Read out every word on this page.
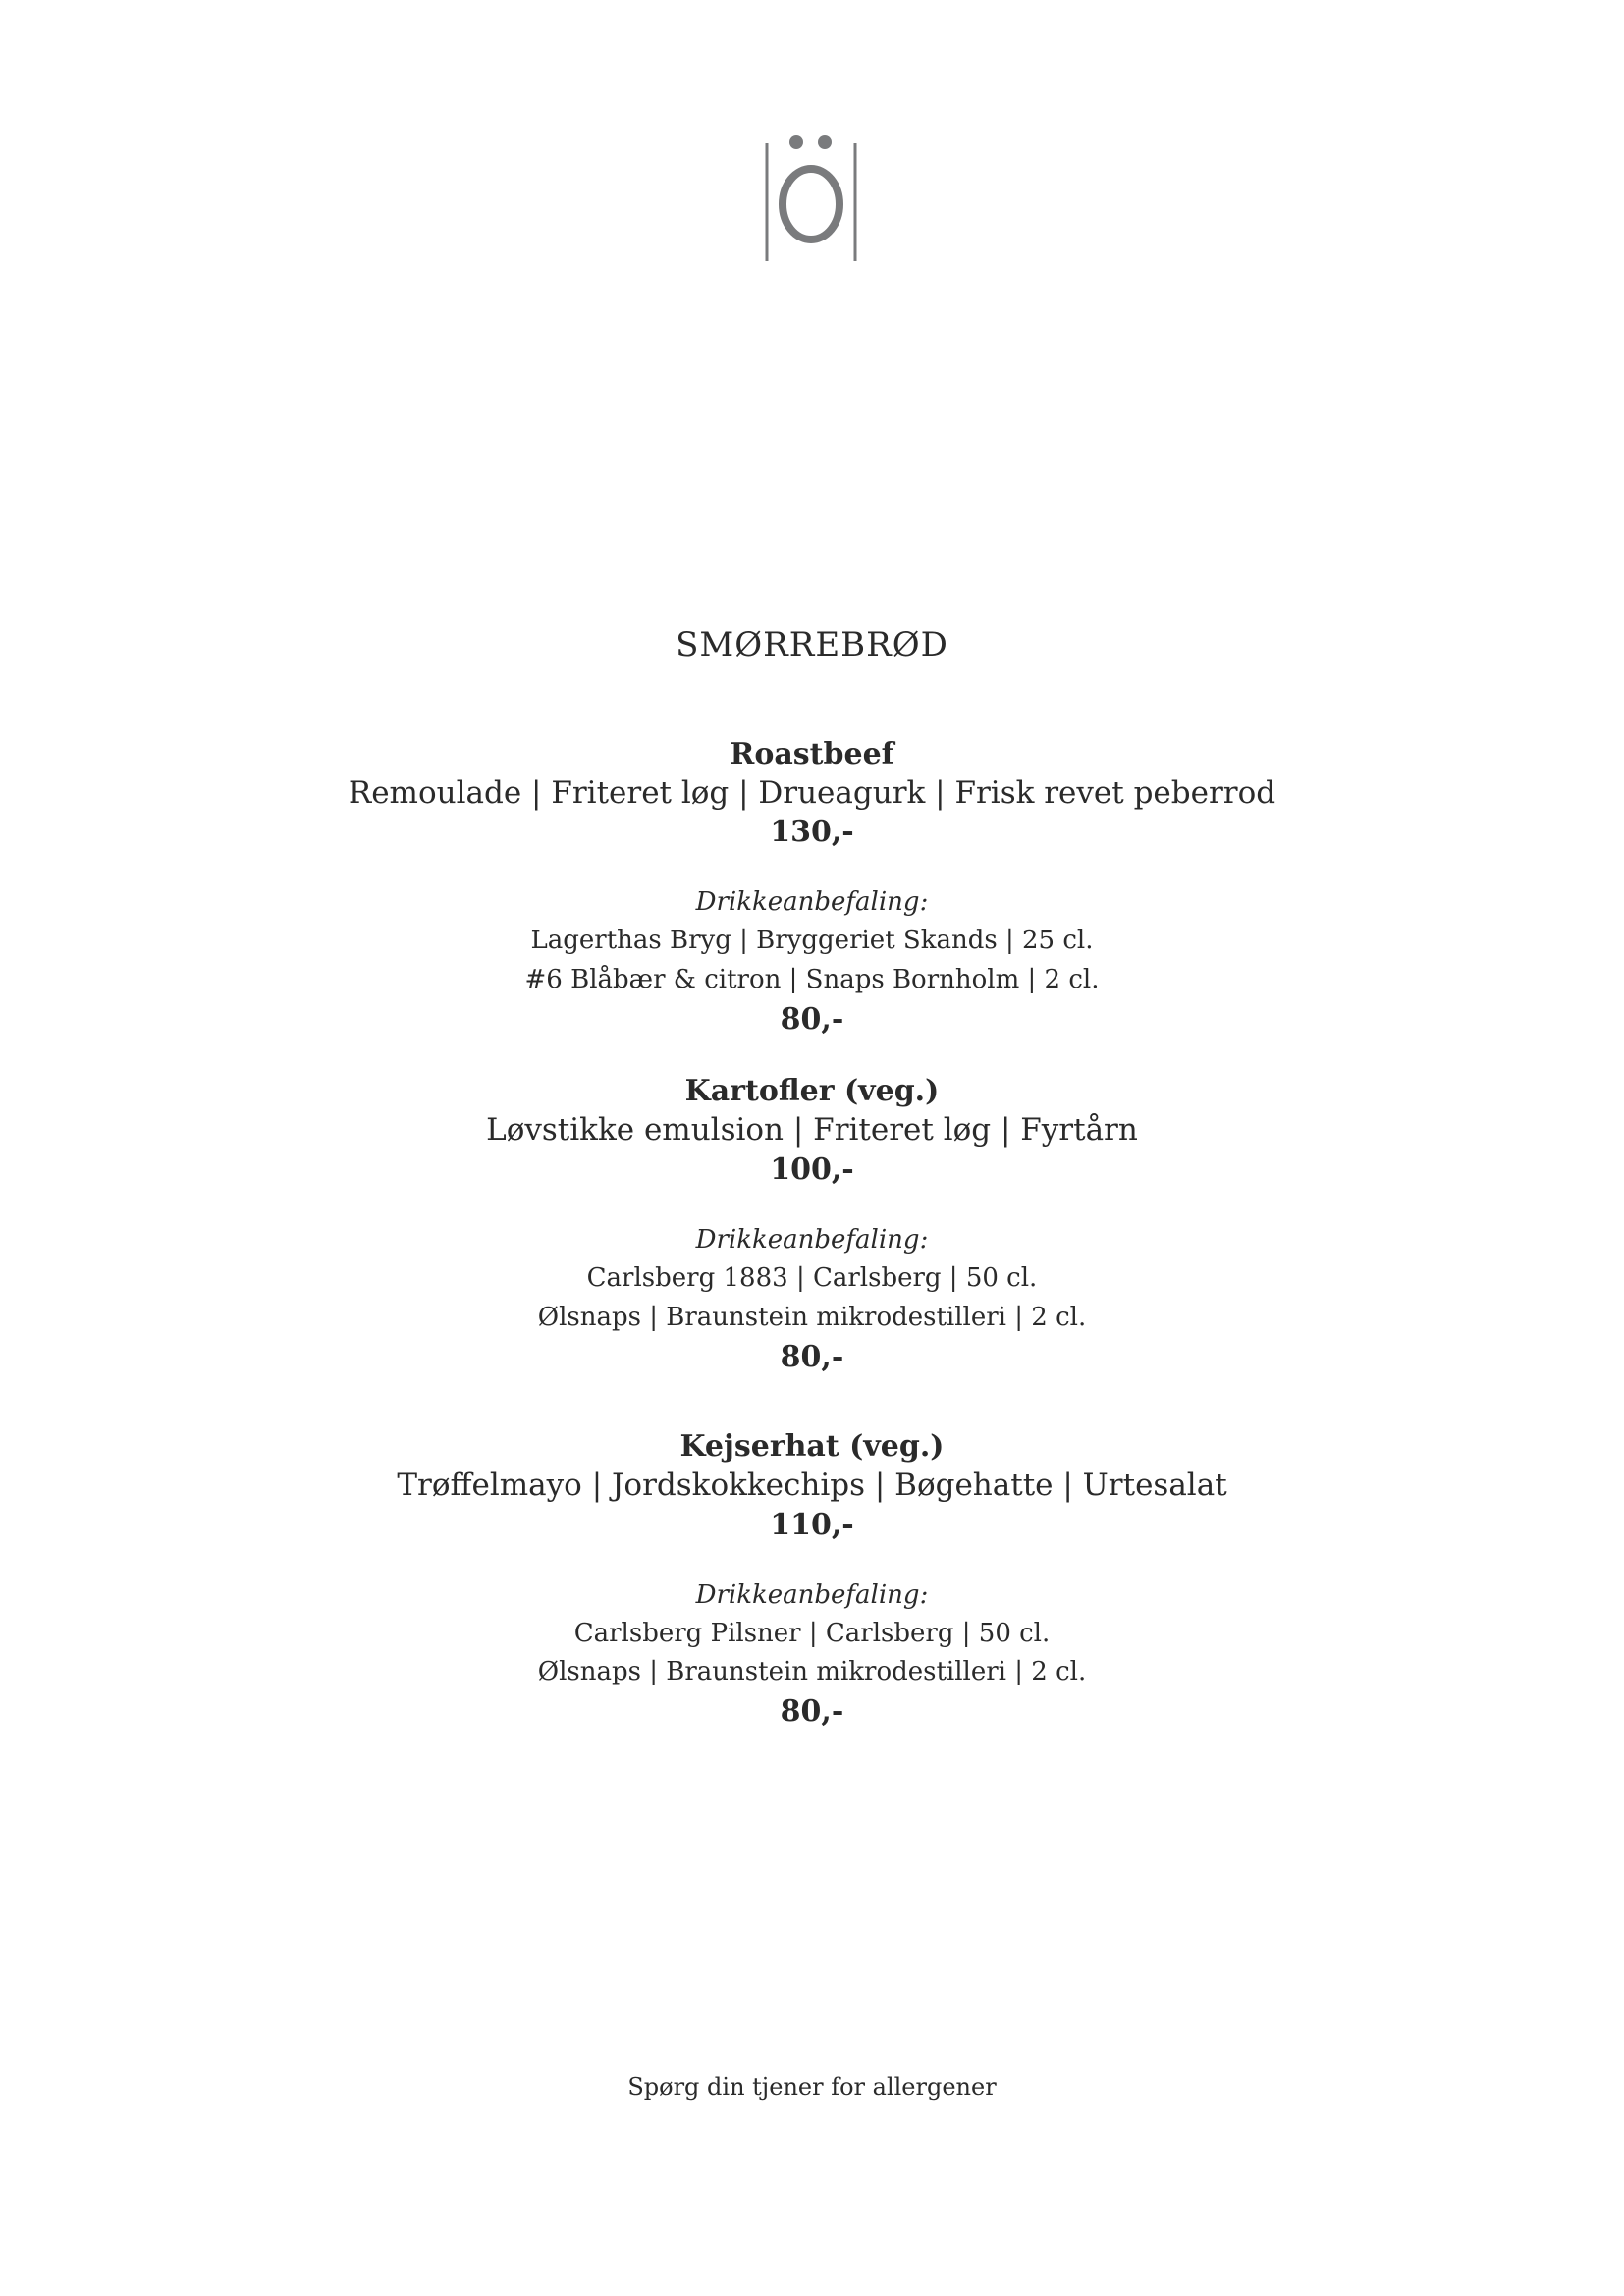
SMØRREBRØD
Roastbeef
Remoulade | Friteret løg | Drueagurk | Frisk revet peberrod
130,-
Drikkeanbefaling:
Lagerthas Bryg | Bryggeriet Skands | 25 cl.
#6 Blåbær & citron | Snaps Bornholm | 2 cl.
80,-
Kartofler (veg.)
Løvstikke emulsion | Friteret løg | Fyrtårn
100,-
Drikkeanbefaling:
Carlsberg 1883 | Carlsberg | 50 cl.
Ølsnaps | Braunstein mikrodestilleri | 2 cl.
80,-
Kejserhat (veg.)
Trøffelmayo | Jordskokkechips | Bøgehatte | Urtesalat
110,-
Drikkeanbefaling:
Carlsberg Pilsner | Carlsberg | 50 cl.
Ølsnaps | Braunstein mikrodestilleri | 2 cl.
80,-
Spørg din tjener for allergener
